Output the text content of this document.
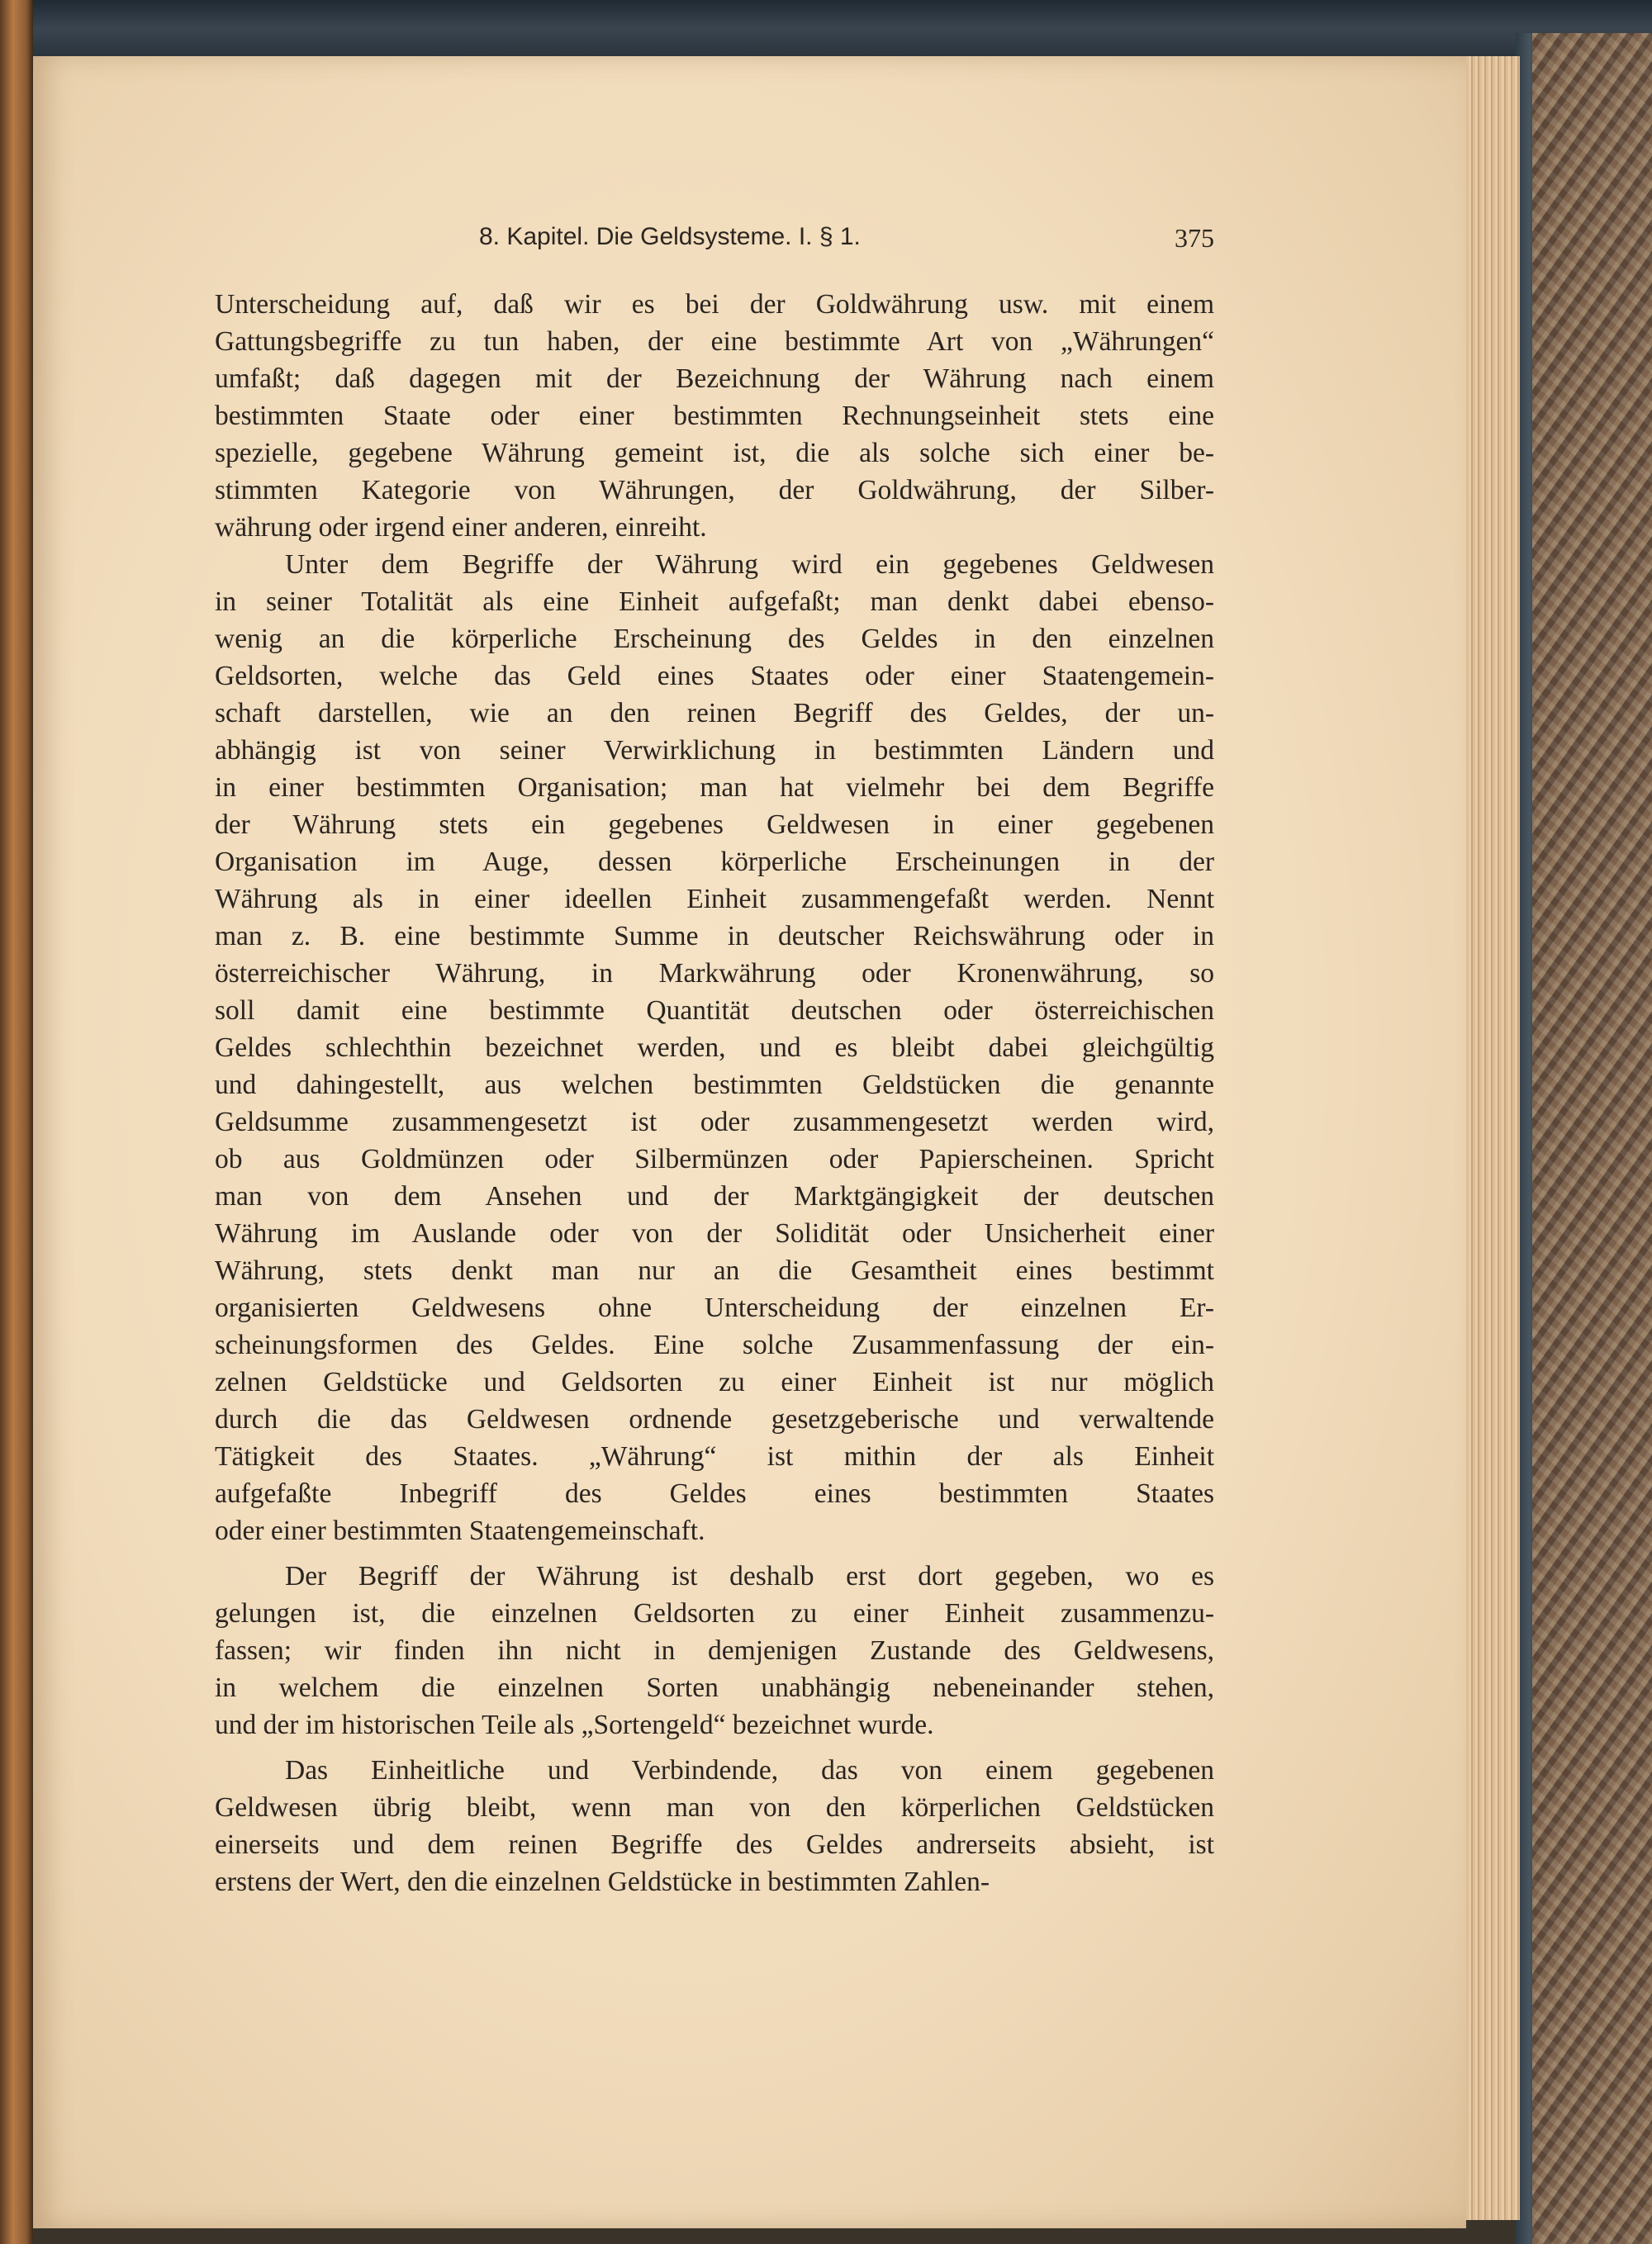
8. Kapitel. Die Geldsysteme. I. § 1.	375
Unterscheidung auf, daß wir es bei der Goldwährung usw. mit einem
Gattungsbegriffe zu tun haben, der eine bestimmte Art von „Währungen“
umfaßt; daß dagegen mit der Bezeichnung der Währung nach einem
bestimmten Staate oder einer bestimmten Rechnungseinheit stets eine
spezielle, gegebene Währung gemeint ist, die als solche sich einer be-
stimmten Kategorie von Währungen, der Goldwährung, der Silber-
währung oder irgend einer anderen, einreiht.
Unter dem Begriffe der Währung wird ein gegebenes Geldwesen
in seiner Totalität als eine Einheit aufgefaßt; man denkt dabei ebenso-
wenig an die körperliche Erscheinung des Geldes in den einzelnen
Geldsorten, welche das Geld eines Staates oder einer Staatengemein-
schaft darstellen, wie an den reinen Begriff des Geldes, der un-
abhängig ist von seiner Verwirklichung in bestimmten Ländern und
in einer bestimmten Organisation; man hat vielmehr bei dem Begriffe
der Währung stets ein gegebenes Geldwesen in einer gegebenen
Organisation im Auge, dessen körperliche Erscheinungen in der
Währung als in einer ideellen Einheit zusammengefaßt werden. Nennt
man z. B. eine bestimmte Summe in deutscher Reichswährung oder in
österreichischer Währung, in Markwährung oder Kronenwährung, so
soll damit eine bestimmte Quantität deutschen oder österreichischen
Geldes schlechthin bezeichnet werden, und es bleibt dabei gleichgültig
und dahingestellt, aus welchen bestimmten Geldstücken die genannte
Geldsumme zusammengesetzt ist oder zusammengesetzt werden wird,
ob aus Goldmünzen oder Silbermünzen oder Papierscheinen. Spricht
man von dem Ansehen und der Marktgängigkeit der deutschen
Währung im Auslande oder von der Solidität oder Unsicherheit einer
Währung, stets denkt man nur an die Gesamtheit eines bestimmt
organisierten Geldwesens ohne Unterscheidung der einzelnen Er-
scheinungsformen des Geldes. Eine solche Zusammenfassung der ein-
zelnen Geldstücke und Geldsorten zu einer Einheit ist nur möglich
durch die das Geldwesen ordnende gesetzgeberische und verwaltende
Tätigkeit des Staates. „Währung“ ist mithin der als Einheit
aufgefaßte Inbegriff des Geldes eines bestimmten Staates
oder einer bestimmten Staatengemeinschaft.
Der Begriff der Währung ist deshalb erst dort gegeben, wo es
gelungen ist, die einzelnen Geldsorten zu einer Einheit zusammenzu-
fassen; wir finden ihn nicht in demjenigen Zustande des Geldwesens,
in welchem die einzelnen Sorten unabhängig nebeneinander stehen,
und der im historischen Teile als „Sortengeld“ bezeichnet wurde.
Das Einheitliche und Verbindende, das von einem gegebenen
Geldwesen übrig bleibt, wenn man von den körperlichen Geldstücken
einerseits und dem reinen Begriffe des Geldes andrerseits absieht, ist
erstens der Wert, den die einzelnen Geldstücke in bestimmten Zahlen-
